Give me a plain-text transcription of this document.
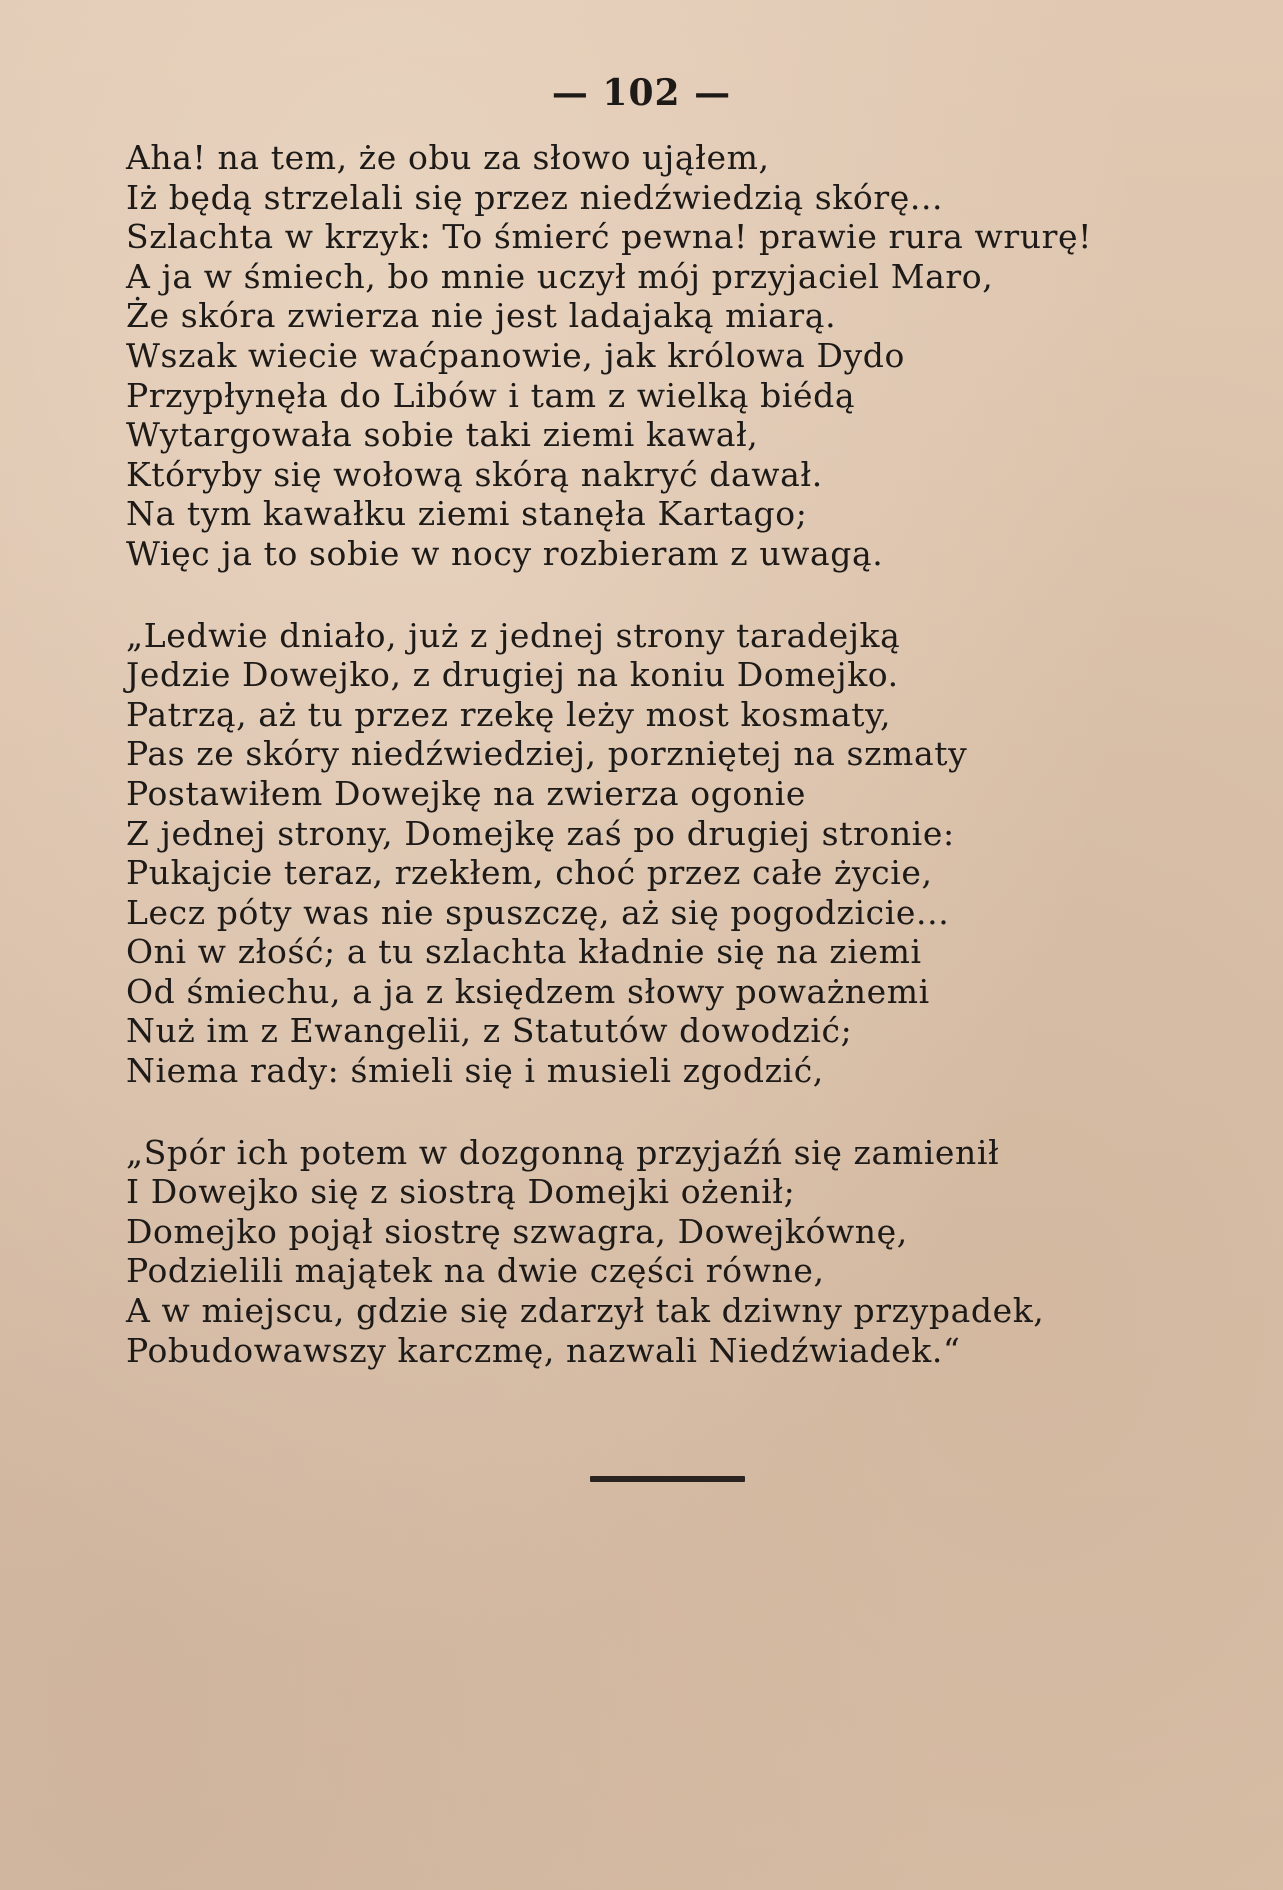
— 102 —
Aha! na tem, że obu za słowo ująłem,
Iż będą strzelali się przez niedźwiedzią skórę...
Szlachta w krzyk: To śmierć pewna! prawie rura wrurę!
A ja w śmiech, bo mnie uczył mój przyjaciel Maro,
Że skóra zwierza nie jest ladajaką miarą.
Wszak wiecie waćpanowie, jak królowa Dydo
Przypłynęła do Libów i tam z wielką biédą
Wytargowała sobie taki ziemi kawał,
Któryby się wołową skórą nakryć dawał.
Na tym kawałku ziemi stanęła Kartago;
Więc ja to sobie w nocy rozbieram z uwagą.
„Ledwie dniało, już z jednej strony taradejką
Jedzie Dowejko, z drugiej na koniu Domejko.
Patrzą, aż tu przez rzekę leży most kosmaty,
Pas ze skóry niedźwiedziej, porzniętej na szmaty
Postawiłem Dowejkę na zwierza ogonie
Z jednej strony, Domejkę zaś po drugiej stronie:
Pukajcie teraz, rzekłem, choć przez całe życie,
Lecz póty was nie spuszczę, aż się pogodzicie...
Oni w złość; a tu szlachta kładnie się na ziemi
Od śmiechu, a ja z księdzem słowy poważnemi
Nuż im z Ewangelii, z Statutów dowodzić;
Niema rady: śmieli się i musieli zgodzić,
„Spór ich potem w dozgonną przyjaźń się zamienił
I Dowejko się z siostrą Domejki ożenił;
Domejko pojął siostrę szwagra, Dowejkównę,
Podzielili majątek na dwie części równe,
A w miejscu, gdzie się zdarzył tak dziwny przypadek,
Pobudowawszy karczmę, nazwali Niedźwiadek.“
